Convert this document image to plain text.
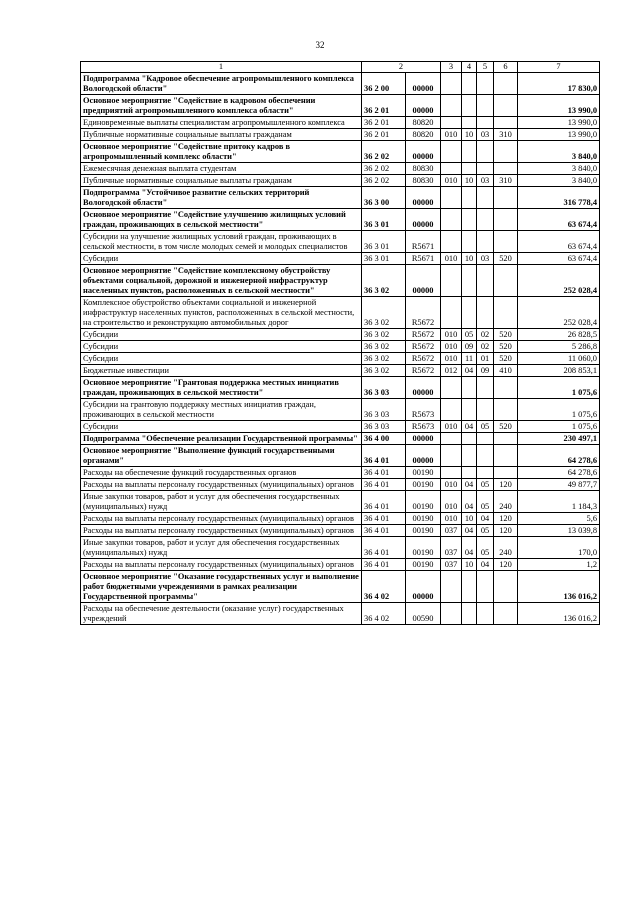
32
1	2		3	4	5	6	7
Подпрограмма "Кадровое обеспечение агропромышленного комплекса Вологодской области"	36 2 00	00000					17 830,0
Основное мероприятие "Содействие в кадровом обеспечении предприятий агропромышленного комплекса области"	36 2 01	00000					13 990,0
Единовременные выплаты специалистам агропромышленного комплекса	36 2 01	80820					13 990,0
Публичные нормативные социальные выплаты гражданам	36 2 01	80820	010	10	03	310	13 990,0
Основное мероприятие "Содействие притоку кадров в агропромышленный комплекс области"	36 2 02	00000					3 840,0
Ежемесячная денежная выплата студентам	36 2 02	80830					3 840,0
Публичные нормативные социальные выплаты гражданам	36 2 02	80830	010	10	03	310	3 840,0
Подпрограмма "Устойчивое развитие сельских территорий Вологодской области"	36 3 00	00000					316 778,4
Основное мероприятие "Содействие улучшению жилищных условий граждан, проживающих в сельской местности"	36 3 01	00000					63 674,4
Субсидии на улучшение жилищных условий граждан, проживающих в сельской местности, в том числе молодых семей и молодых специалистов	36 3 01	R5671					63 674,4
Субсидии	36 3 01	R5671	010	10	03	520	63 674,4
Основное мероприятие "Содействие комплексному обустройству объектами социальной, дорожной и инженерной инфраструктур населенных пунктов, расположенных в сельской местности"	36 3 02	00000					252 028,4
Комплексное обустройство объектами социальной и инженерной инфраструктур населенных пунктов, расположенных в сельской местности, на строительство и реконструкцию автомобильных дорог	36 3 02	R5672					252 028,4
Субсидии	36 3 02	R5672	010	05	02	520	26 828,5
Субсидии	36 3 02	R5672	010	09	02	520	5 286,8
Субсидии	36 3 02	R5672	010	11	01	520	11 060,0
Бюджетные инвестиции	36 3 02	R5672	012	04	09	410	208 853,1
Основное мероприятие "Грантовая поддержка местных инициатив граждан, проживающих в сельской местности"	36 3 03	00000					1 075,6
Субсидии на грантовую поддержку местных инициатив граждан, проживающих в сельской местности	36 3 03	R5673					1 075,6
Субсидии	36 3 03	R5673	010	04	05	520	1 075,6
Подпрограмма "Обеспечение реализации Государственной программы"	36 4 00	00000					230 497,1
Основное мероприятие "Выполнение функций государственными органами"	36 4 01	00000					64 278,6
Расходы на обеспечение функций государственных органов	36 4 01	00190					64 278,6
Расходы на выплаты персоналу государственных (муниципальных) органов	36 4 01	00190	010	04	05	120	49 877,7
Иные закупки товаров, работ и услуг для обеспечения государственных (муниципальных) нужд	36 4 01	00190	010	04	05	240	1 184,3
Расходы на выплаты персоналу государственных (муниципальных) органов	36 4 01	00190	010	10	04	120	5,6
Расходы на выплаты персоналу государственных (муниципальных) органов	36 4 01	00190	037	04	05	120	13 039,8
Иные закупки товаров, работ и услуг для обеспечения государственных (муниципальных) нужд	36 4 01	00190	037	04	05	240	170,0
Расходы на выплаты персоналу государственных (муниципальных) органов	36 4 01	00190	037	10	04	120	1,2
Основное мероприятие "Оказание государственных услуг и выполнение работ бюджетными учреждениями в рамках реализации Государственной программы"	36 4 02	00000					136 016,2
Расходы на обеспечение деятельности (оказание услуг) государственных учреждений	36 4 02	00590					136 016,2
